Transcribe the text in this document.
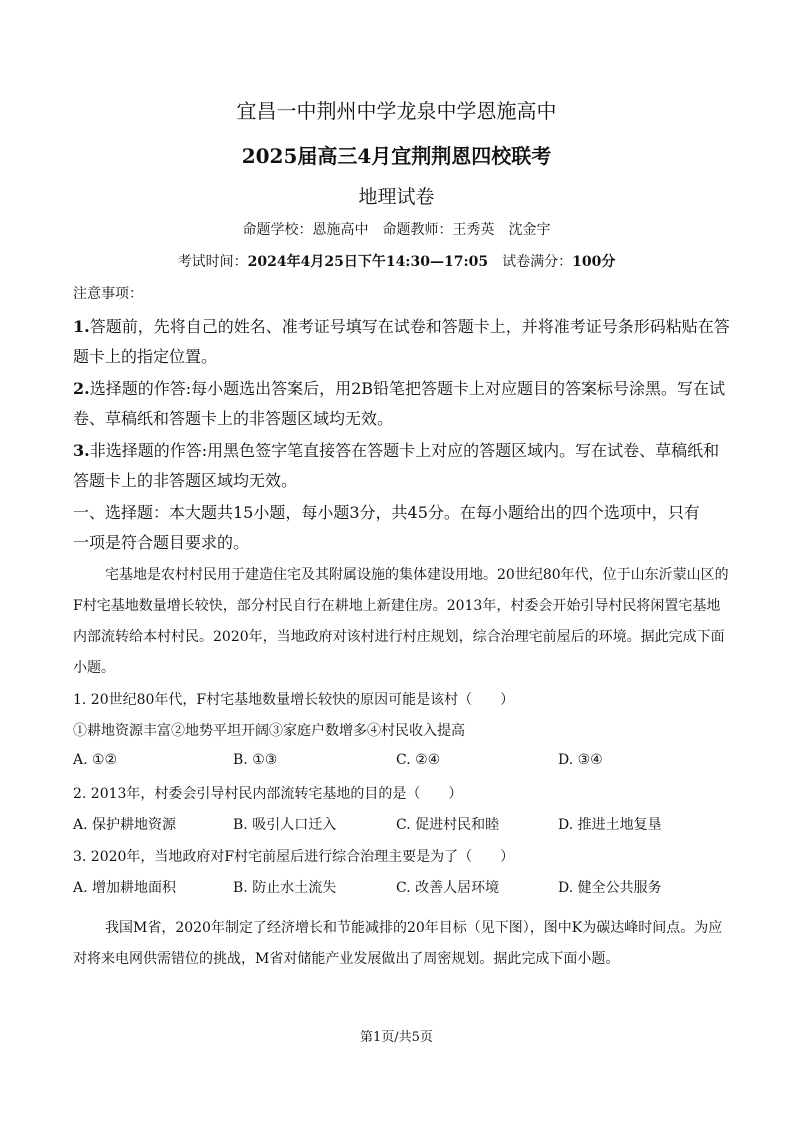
宜昌一中荆州中学龙泉中学恩施高中
2025届高三4月宜荆荆恩四校联考
地理试卷
命题学校：恩施高中　命题教师：王秀英　沈金宇
考试时间：2024年4月25日下午14:30—17:05　 试卷满分：100分
注意事项：
1.答题前，先将自己的姓名、准考证号填写在试卷和答题卡上，并将准考证号条形码粘贴在答
题卡上的指定位置。
2.选择题的作答:每小题选出答案后，用2B铅笔把答题卡上对应题目的答案标号涂黑。写在试
卷、草稿纸和答题卡上的非答题区域均无效。
3.非选择题的作答:用黑色签字笔直接答在答题卡上对应的答题区域内。写在试卷、草稿纸和
答题卡上的非答题区域均无效。
一、选择题：本大题共15小题，每小题3分，共45分。在每小题给出的四个选项中，只有
一项是符合题目要求的。
宅基地是农村村民用于建造住宅及其附属设施的集体建设用地。20世纪80年代，位于山东沂蒙山区的
F村宅基地数量增长较快，部分村民自行在耕地上新建住房。2013年，村委会开始引导村民将闲置宅基地
内部流转给本村村民。2020年，当地政府对该村进行村庄规划，综合治理宅前屋后的环境。据此完成下面
小题。
1. 20世纪80年代，F村宅基地数量增长较快的原因可能是该村（　　）
①耕地资源丰富②地势平坦开阔③家庭户数增多④村民收入提高
A. ①②	B. ①③	C. ②④	D. ③④
2. 2013年，村委会引导村民内部流转宅基地的目的是（　　）
A. 保护耕地资源	B. 吸引人口迁入	C. 促进村民和睦	D. 推进土地复垦
3. 2020年，当地政府对F村宅前屋后进行综合治理主要是为了（　　）
A. 增加耕地面积	B. 防止水土流失	C. 改善人居环境	D. 健全公共服务
我国M省，2020年制定了经济增长和节能减排的20年目标（见下图），图中K为碳达峰时间点。为应
对将来电网供需错位的挑战，M省对储能产业发展做出了周密规划。据此完成下面小题。
第1页/共5页
